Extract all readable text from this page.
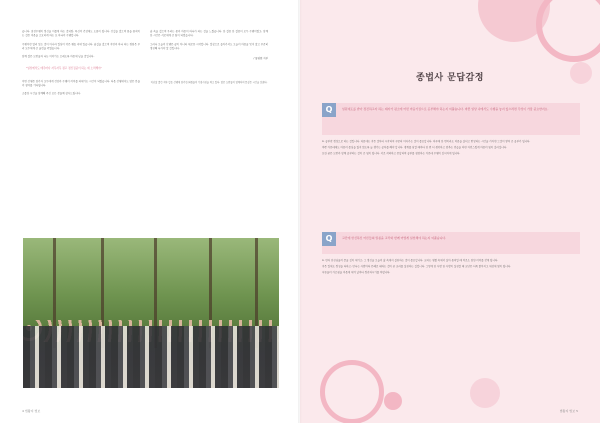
습니다. 참선수행이 정신을 이롭게 하는 것처럼, 육신의 건강에도 도움이 됩니다. 산길을 걸으며 몸을 움직이는 것은 마음을 고요하게 하는 또 하나의 수행입니다.

수행이란 멀리 있는 것이 아니라 일상의 작은 행동 속에 있습니다. 숲길을 걸으며 자연과 하나 되는 경험은 우리 모두에게 큰 울림을 주었습니다.

함께 걸은 도반들과 나눈 이야기는 오래도록 마음에 남을 것입니다.

"일상에서도 매주마다 자꾸자꾸 걸고 정신집중이 되는 데 노력해야"

이번 산행은 참가자 모두에게 건강과 수행의 의미를 되새기는 시간이 되었습니다. 다음 산행에서도 많은 분들의 참여를 기다립니다.

소중한 시간을 함께해 주신 모든 분들께 감사드립니다.

숲 속을 걸으며 우리는 몸과 마음이 하나가 되는 것을 느꼈습니다. 한 걸음 한 걸음이 모두 수행이었고, 함께한 시간은 서로에게 큰 힘이 되었습니다.

그러나 오늘의 산행은 끝이 아니라 새로운 시작입니다. 일상으로 돌아가서도 오늘의 마음을 잊지 말고 꾸준히 정진해 나가야 할 것입니다.

/ 통영원 지부
지난달 열린 지부 합동 산행에 참가한 회원들이 기념사진을 찍고 있다. 많은 도반들이 함께하여 뜻깊은 시간을 보냈다.
4 법왕지 법보
종법사 문답감정
Q	일원대도를 받아 정진하고자 하는 제자가 평소에 어떤 마음가짐으로 공부해야 하는지 여쭙습니다. 바쁜 일상 속에서도 수행을 놓지 않으려면 무엇이 가장 중요한지요.

A. 공부란 정성으로 하는 것입니다. 처음에는 작은 것부터 시작하여 꾸준히 이어가는 것이 중요합니다. 하루에 한 번이라도 마음을 살피고 반성하는 시간을 가지면 그것이 쌓여 큰 공부가 됩니다.

바쁜 가운데에도 마음의 중심을 잃지 않도록 늘 챙기는 공부를 해야 합니다. 경계를 당할 때마다 한 번 더 생각하고 멈추는 연습을 하면 자연스럽게 마음의 힘이 길러집니다.

또한 좋은 도반과 함께 공부하는 것이 큰 힘이 됩니다. 서로 격려하고 문답하며 공부를 점검하는 가운데 수행이 깊어지게 됩니다.

Q	교단에 헌신하신 어른들의 말씀을 교리와 함께 어떻게 실천해야 하는지 여쭙습니다.

A. 먼저 선진님들의 뜻을 깊이 새기고, 그 정신을 오늘의 삶 속에서 실천하는 것이 중요합니다. 교리는 생활 속에서 살아 움직일 때 비로소 참된 의미를 갖게 됩니다.

작은 일에도 정성을 다하고, 만나는 사람마다 은혜로 대하는 것이 곧 교리를 실천하는 길입니다. 그렇게 한 사람 한 사람이 실천할 때 교단은 더욱 밝아지고 세상에 빛이 됩니다.

어른들의 가르침을 마음에 새겨 날마다 정진하시기를 바랍니다.

법왕지 법보 5
